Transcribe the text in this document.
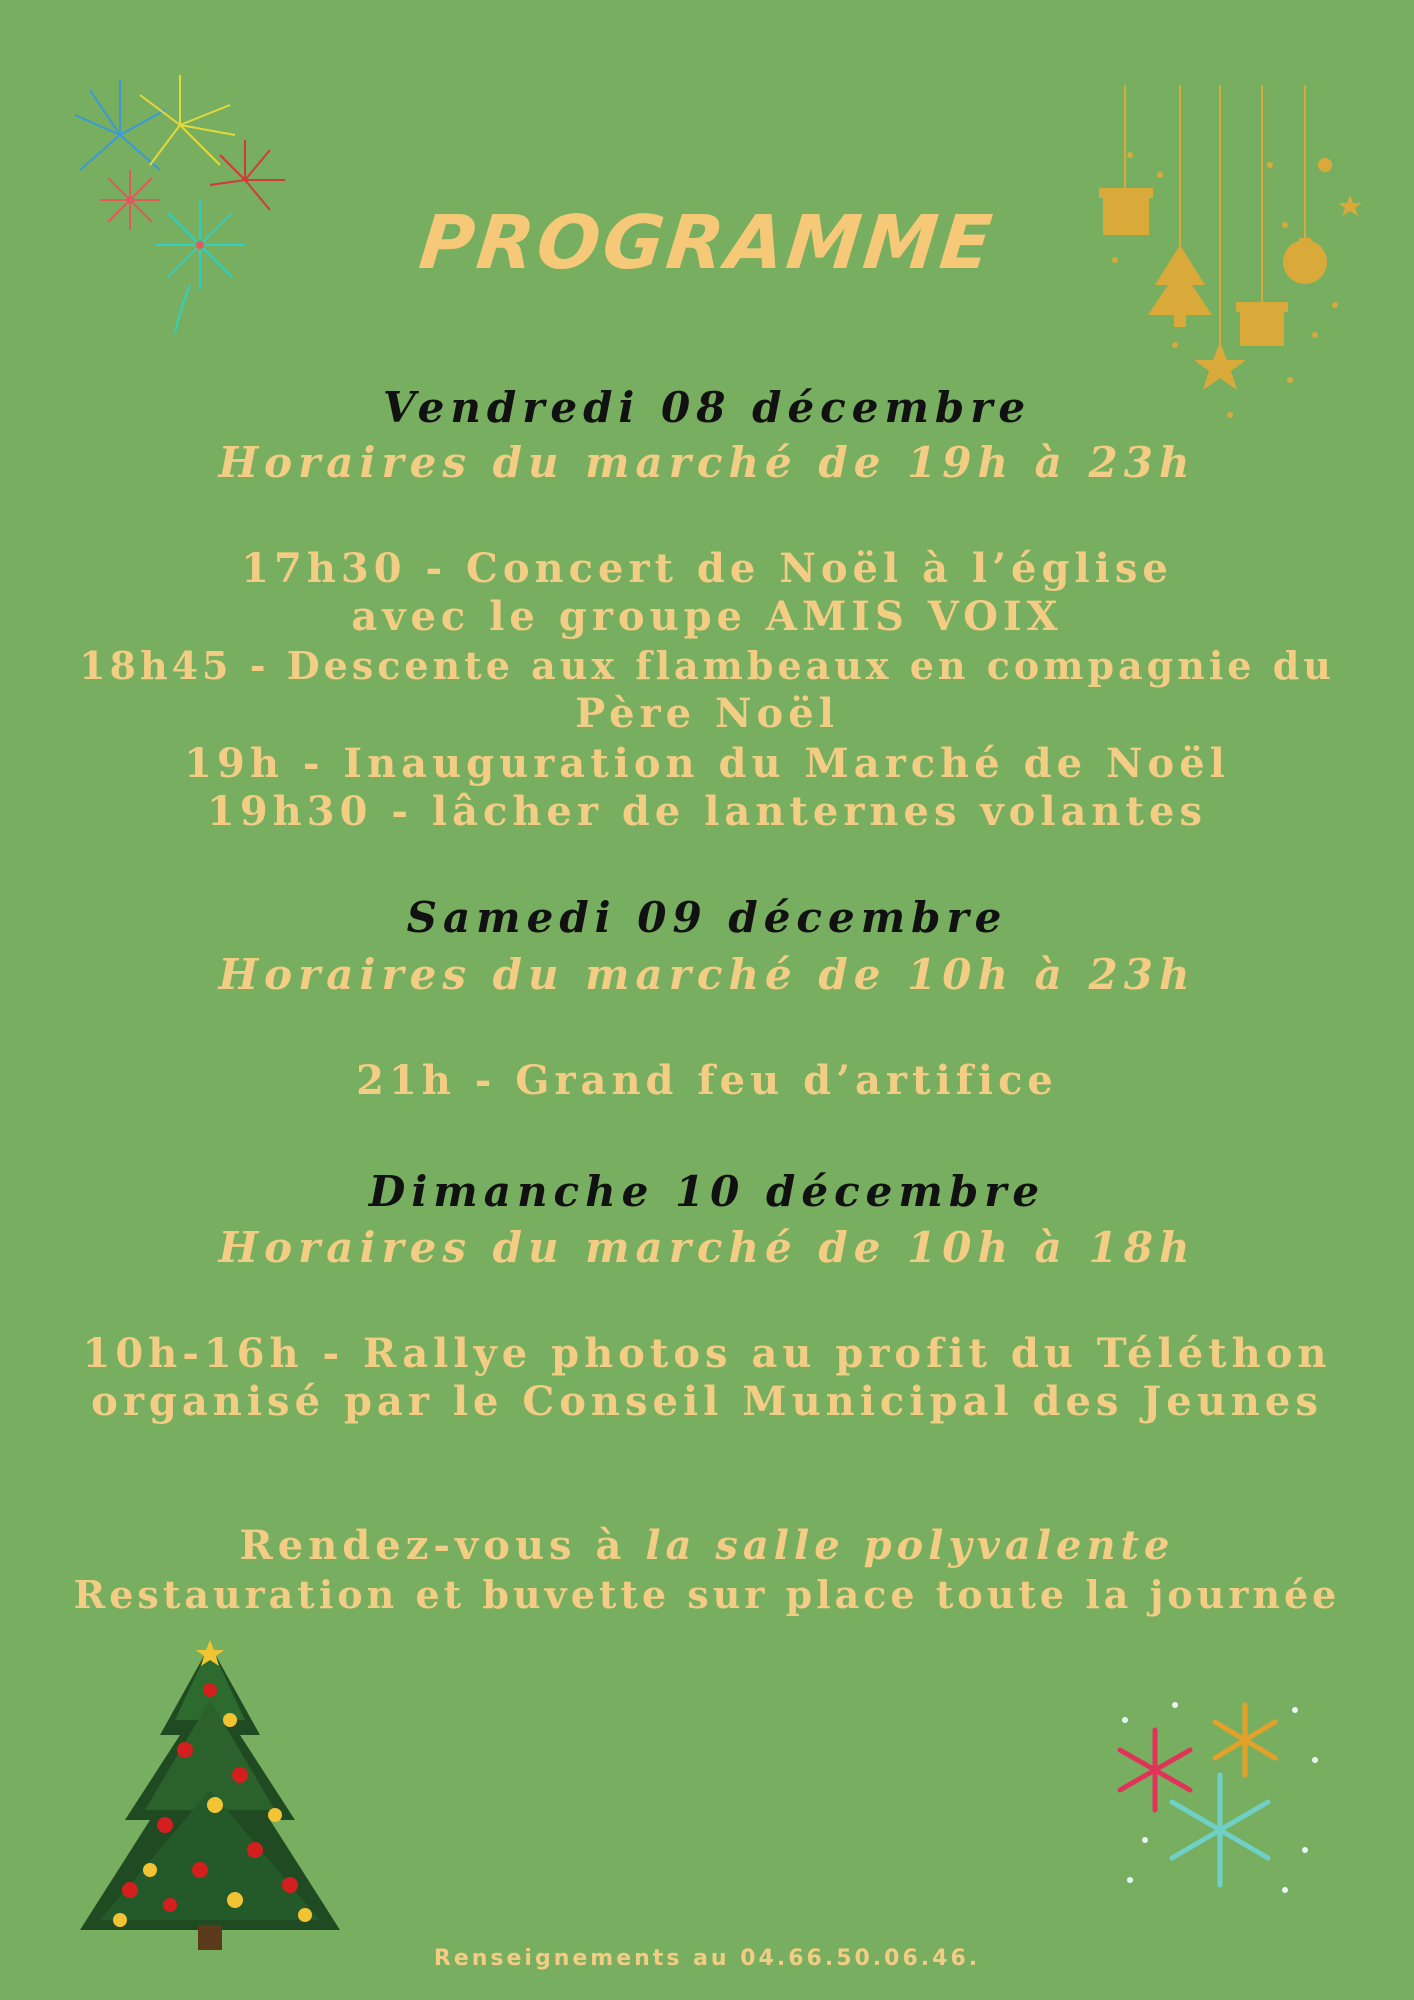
PROGRAMME
Vendredi 08 décembre
Horaires du marché de 19h à 23h
17h30 - Concert de Noël à l’église
avec le groupe AMIS VOIX
18h45 - Descente aux flambeaux en compagnie du
Père Noël
19h - Inauguration du Marché de Noël
19h30 - lâcher de lanternes volantes
Samedi 09 décembre
Horaires du marché de 10h à 23h
21h - Grand feu d’artifice
Dimanche 10 décembre
Horaires du marché de 10h à 18h
10h-16h - Rallye photos au profit du Téléthon
organisé par le Conseil Municipal des Jeunes
Rendez-vous à la salle polyvalente
Restauration et buvette sur place toute la journée
Renseignements au 04.66.50.06.46.
